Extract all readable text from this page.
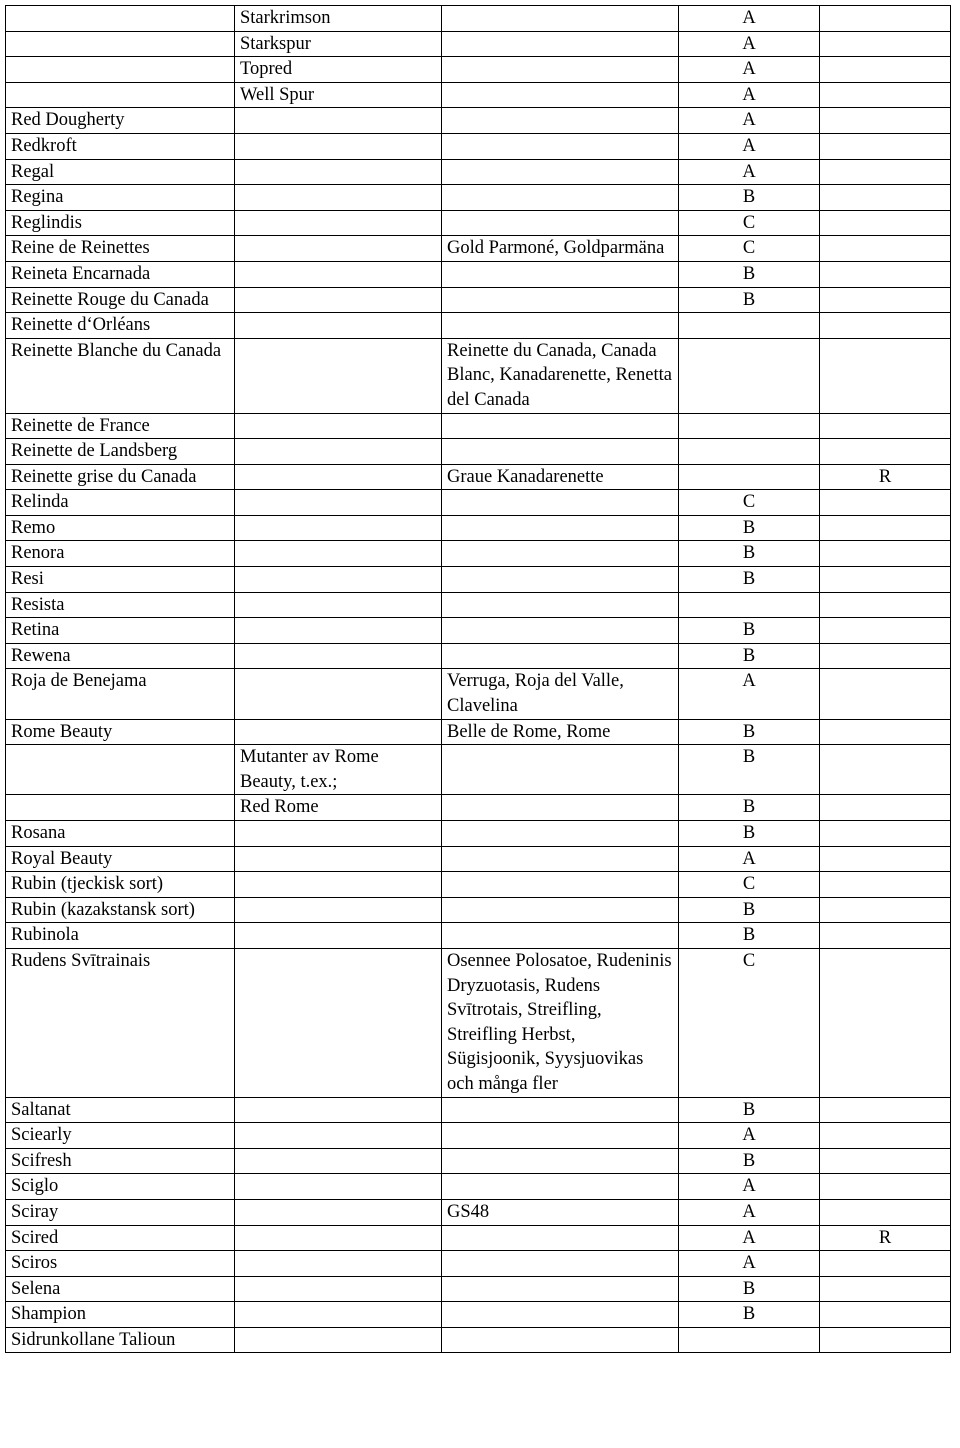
	Starkrimson		A	
	Starkspur		A	
	Topred		A	
	Well Spur		A	
Red Dougherty			A	
Redkroft			A	
Regal			A	
Regina			B	
Reglindis			C	
Reine de Reinettes		Gold Parmoné, Goldparmäna	C	
Reineta Encarnada			B	
Reinette Rouge du Canada			B	
Reinette d‘Orléans				
Reinette Blanche du Canada		Reinette du Canada, Canada Blanc, Kanadarenette, Renetta del Canada		
Reinette de France				
Reinette de Landsberg				
Reinette grise du Canada		Graue Kanadarenette		R
Relinda			C	
Remo			B	
Renora			B	
Resi			B	
Resista				
Retina			B	
Rewena			B	
Roja de Benejama		Verruga, Roja del Valle, Clavelina	A	
Rome Beauty		Belle de Rome, Rome	B	
	Mutanter av Rome Beauty, t.ex.;		B	
	Red Rome		B	
Rosana			B	
Royal Beauty			A	
Rubin (tjeckisk sort)			C	
Rubin (kazakstansk sort)			B	
Rubinola			B	
Rudens Svītrainais		Osennee Polosatoe, Rudeninis Dryzuotasis, Rudens Svītrotais, Streifling, Streifling Herbst, Sügisjoonik, Syysjuovikas och många fler	C	
Saltanat			B	
Sciearly			A	
Scifresh			B	
Sciglo			A	
Sciray		GS48	A	
Scired			A	R
Sciros			A	
Selena			B	
Shampion			B	
Sidrunkollane Talioun				
